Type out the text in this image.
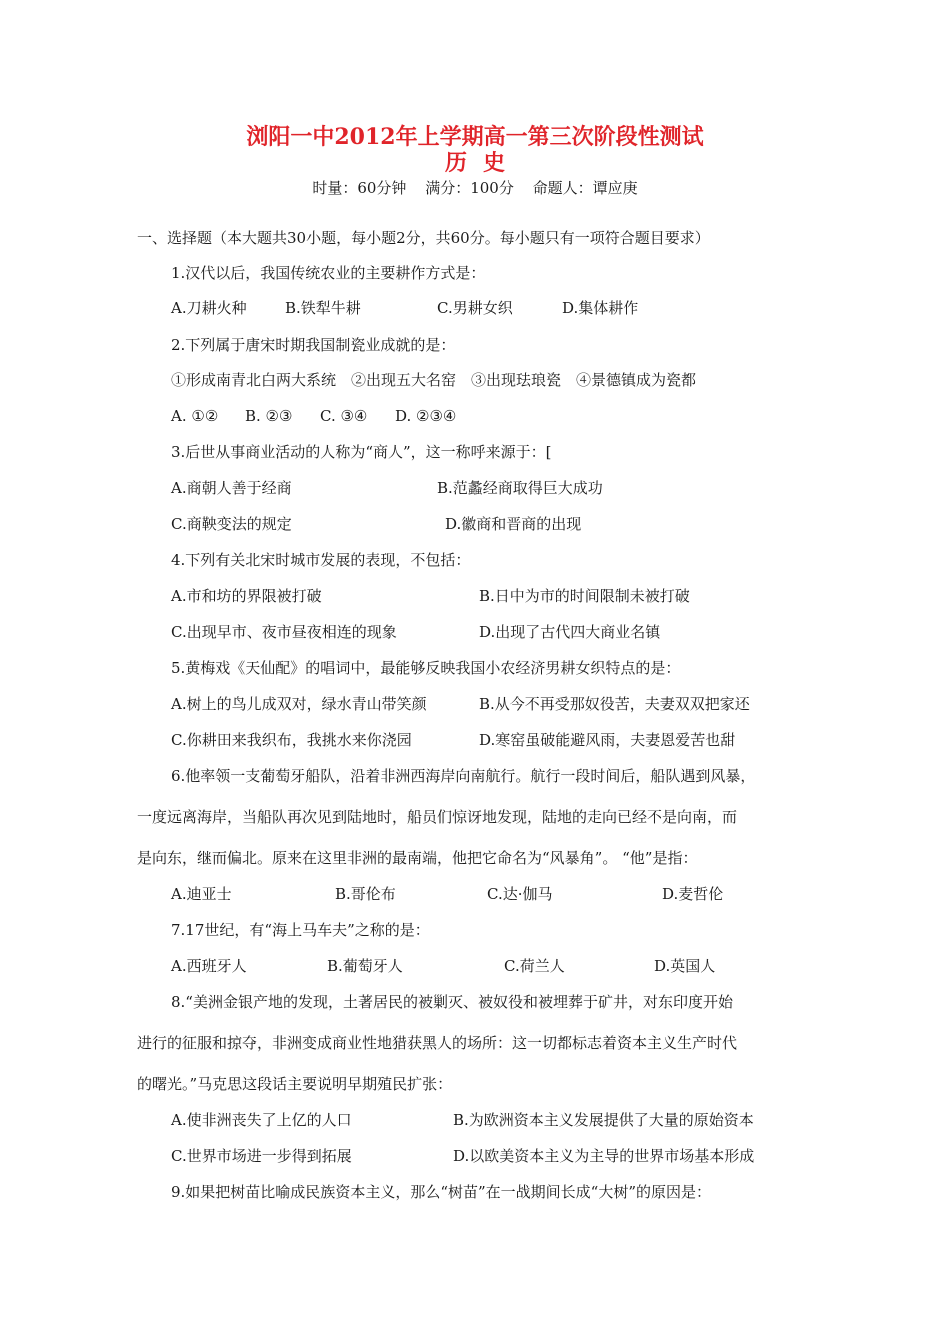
浏阳一中2012年上学期高一第三次阶段性测试
历史
时量：60分钟 满分：100分 命题人：谭应庚
一、选择题（本大题共30小题，每小题2分，共60分。每小题只有一项符合题目要求）
1.汉代以后，我国传统农业的主要耕作方式是：
A.刀耕火种	B.铁犁牛耕	C.男耕女织	D.集体耕作
2.下列属于唐宋时期我国制瓷业成就的是：
①形成南青北白两大系统　②出现五大名窑　③出现珐琅瓷　④景德镇成为瓷都
A. ①② B. ②③ C. ③④ D. ②③④
3.后世从事商业活动的人称为“商人”，这一称呼来源于：[
A.商朝人善于经商	B.范蠡经商取得巨大成功
C.商鞅变法的规定	D.徽商和晋商的出现
4.下列有关北宋时城市发展的表现，不包括：
A.市和坊的界限被打破	B.日中为市的时间限制未被打破
C.出现早市、夜市昼夜相连的现象	D.出现了古代四大商业名镇
5.黄梅戏《天仙配》的唱词中，最能够反映我国小农经济男耕女织特点的是：
A.树上的鸟儿成双对，绿水青山带笑颜	B.从今不再受那奴役苦，夫妻双双把家还
C.你耕田来我织布，我挑水来你浇园	D.寒窑虽破能避风雨，夫妻恩爱苦也甜
6.他率领一支葡萄牙船队，沿着非洲西海岸向南航行。航行一段时间后，船队遇到风暴，
一度远离海岸，当船队再次见到陆地时，船员们惊讶地发现，陆地的走向已经不是向南，而
是向东，继而偏北。原来在这里非洲的最南端，他把它命名为“风暴角”。 “他”是指：
A.迪亚士	B.哥伦布	C.达·伽马	D.麦哲伦
7.17世纪，有“海上马车夫”之称的是：
A.西班牙人	B.葡萄牙人	C.荷兰人	D.英国人
8.“美洲金银产地的发现，土著居民的被剿灭、被奴役和被埋葬于矿井，对东印度开始
进行的征服和掠夺，非洲变成商业性地猎获黑人的场所：这一切都标志着资本主义生产时代
的曙光。”马克思这段话主要说明早期殖民扩张：
A.使非洲丧失了上亿的人口	B.为欧洲资本主义发展提供了大量的原始资本
C.世界市场进一步得到拓展	D.以欧美资本主义为主导的世界市场基本形成
9.如果把树苗比喻成民族资本主义，那么“树苗”在一战期间长成“大树”的原因是：
